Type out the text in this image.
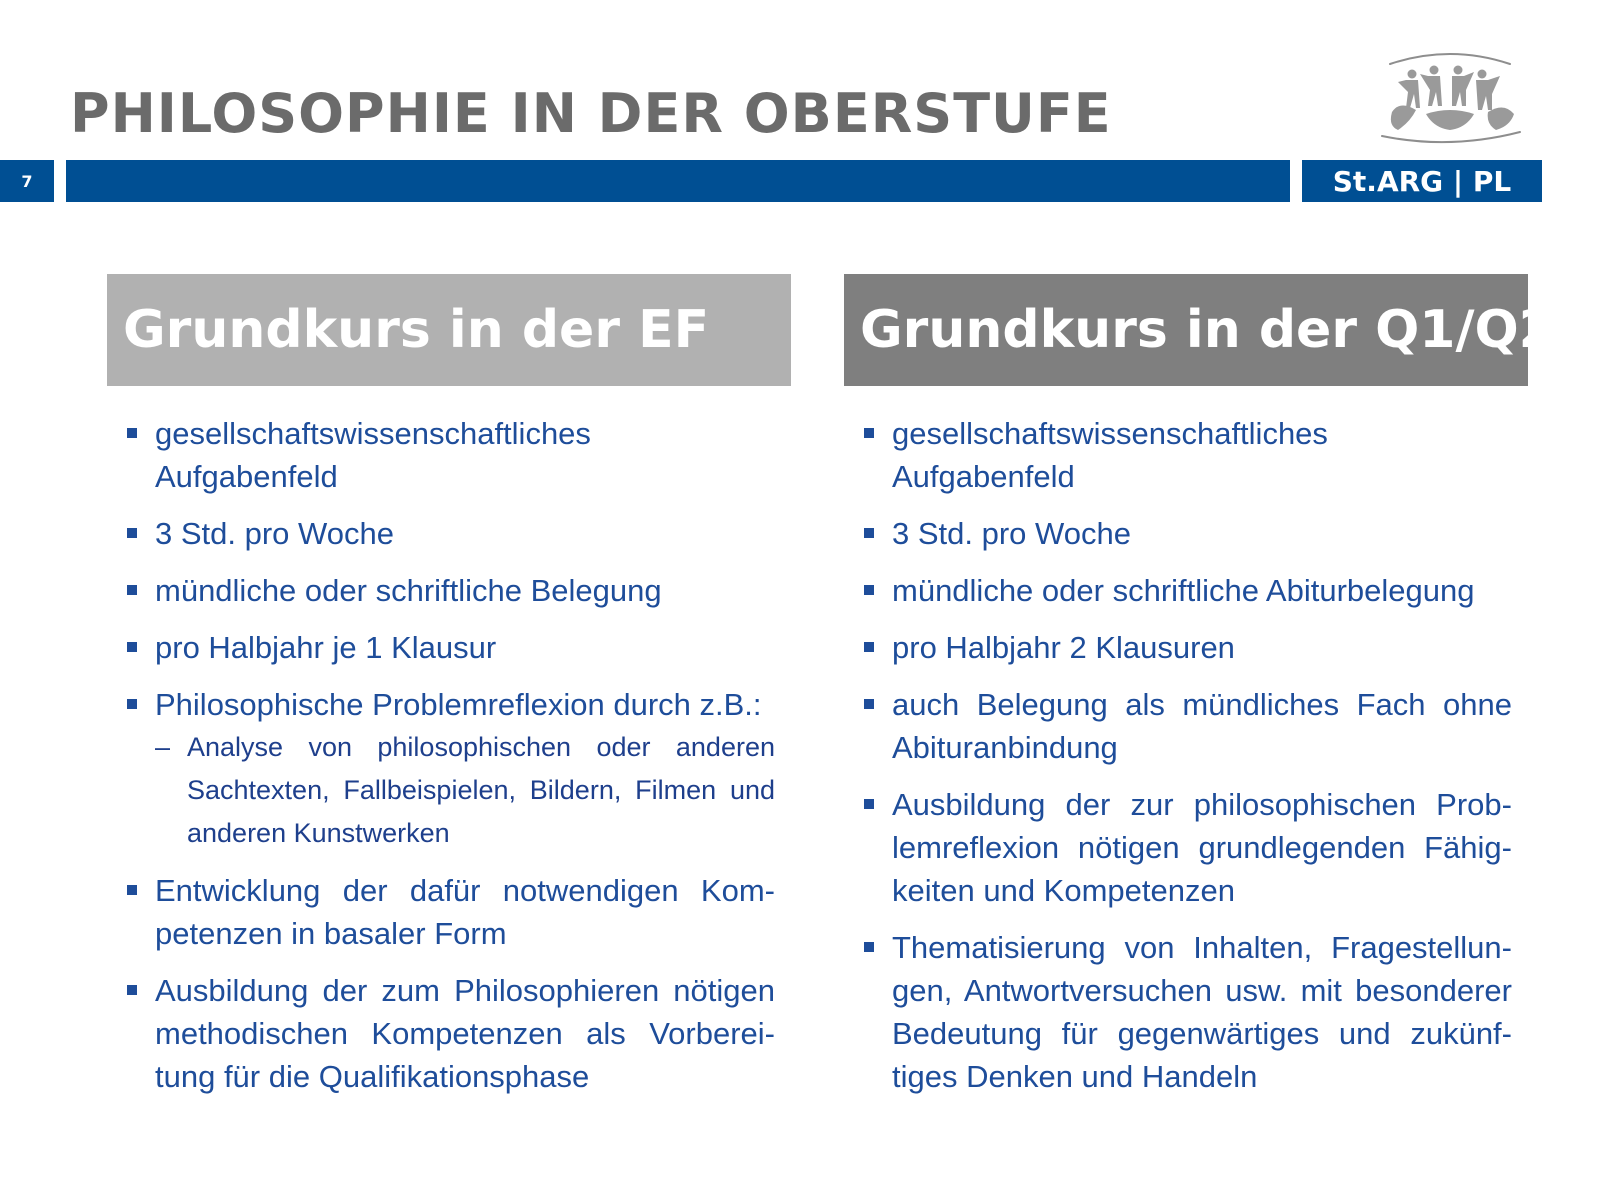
PHILOSOPHIE IN DER OBERSTUFE
7	St.ARG | PL
Grundkurs in der EF
gesellschaftswissenschaftliches Aufgabenfeld
3 Std. pro Woche
mündliche oder schriftliche Belegung
pro Halbjahr je 1 Klausur
Philosophische Problemreflexion durch z.B.:
– Analyse von philosophischen oder anderen Sachtexten, Fallbeispielen, Bildern, Filmen und anderen Kunstwerken
Entwicklung der dafür notwendigen Kom-petenzen in basaler Form
Ausbildung der zum Philosophieren nötigen methodischen Kompetenzen als Vorberei-tung für die Qualifikationsphase
Grundkurs in der Q1/Q2
gesellschaftswissenschaftliches Aufgabenfeld
3 Std. pro Woche
mündliche oder schriftliche Abiturbelegung
pro Halbjahr 2 Klausuren
auch Belegung als mündliches Fach ohne Abituranbindung
Ausbildung der zur philosophischen Prob-lemreflexion nötigen grundlegenden Fähig-keiten und Kompetenzen
Thematisierung von Inhalten, Fragestellun-gen, Antwortversuchen usw. mit besonderer Bedeutung für gegenwärtiges und zukünf-tiges Denken und Handeln
